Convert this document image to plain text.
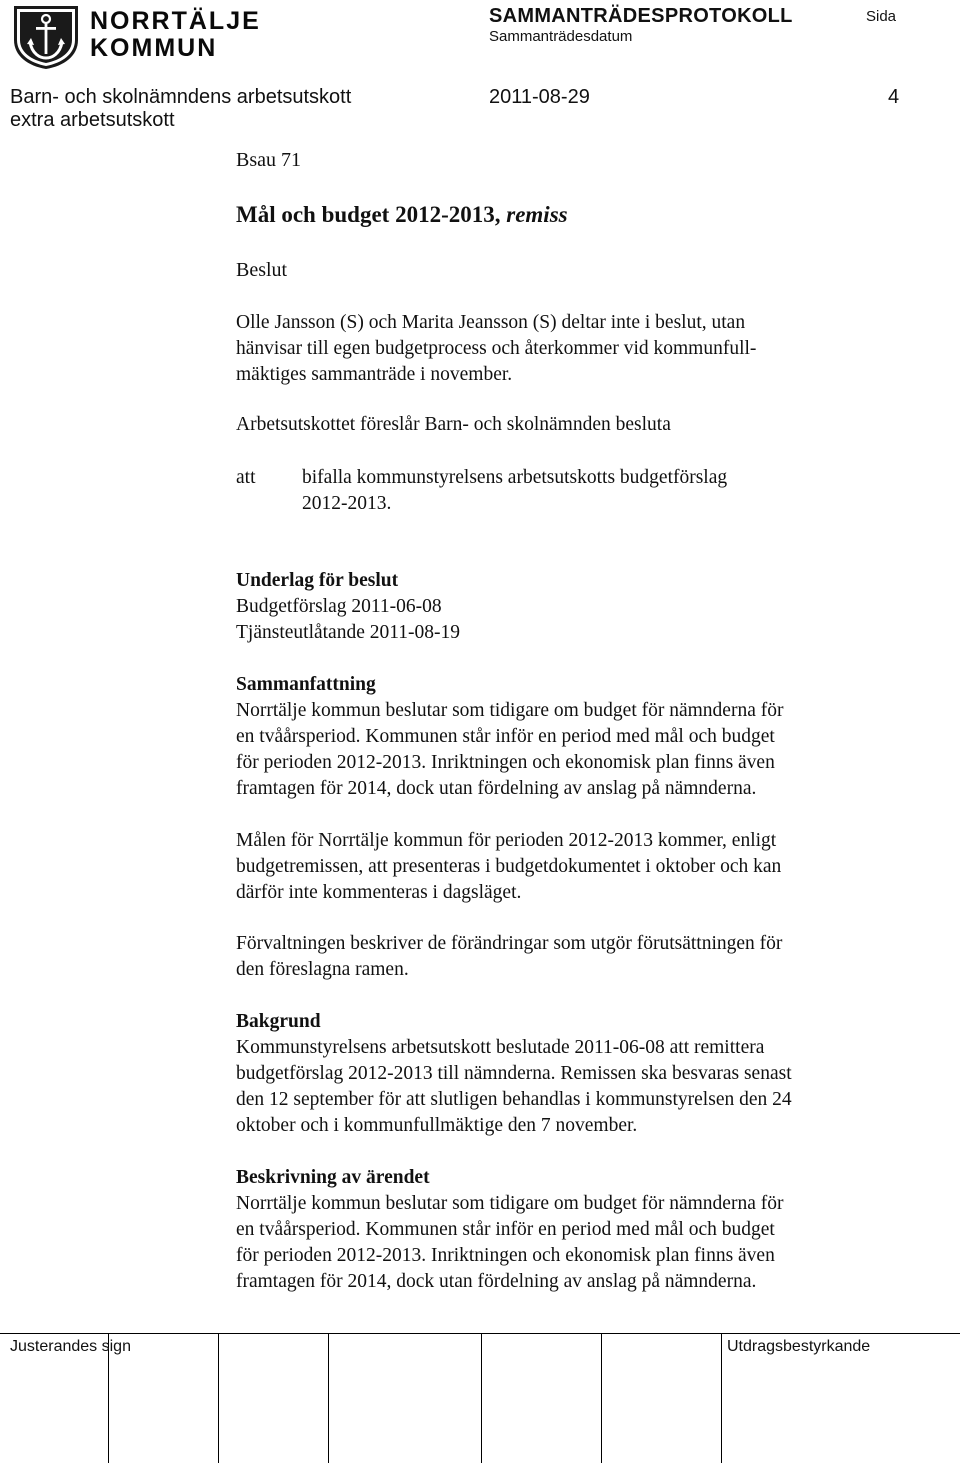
NORRTÄLJE
KOMMUN
SAMMANTRÄDESPROTOKOLL
Sammanträdesdatum
Sida
Barn- och skolnämndens arbetsutskott
extra arbetsutskott
2011-08-29	4
Bsau 71
Mål och budget 2012-2013, remiss
Beslut
Olle Jansson (S) och Marita Jeansson (S) deltar inte i beslut, utan
hänvisar till egen budgetprocess och återkommer vid kommunfull-
mäktiges sammanträde i november.
Arbetsutskottet föreslår Barn- och skolnämnden besluta
att bifalla kommunstyrelsens arbetsutskotts budgetförslag
2012-2013.
Underlag för beslut
Budgetförslag 2011-06-08
Tjänsteutlåtande 2011-08-19
Sammanfattning
Norrtälje kommun beslutar som tidigare om budget för nämnderna för
en tvåårsperiod. Kommunen står inför en period med mål och budget
för perioden 2012-2013. Inriktningen och ekonomisk plan finns även
framtagen för 2014, dock utan fördelning av anslag på nämnderna.
Målen för Norrtälje kommun för perioden 2012-2013 kommer, enligt
budgetremissen, att presenteras i budgetdokumentet i oktober och kan
därför inte kommenteras i dagsläget.
Förvaltningen beskriver de förändringar som utgör förutsättningen för
den föreslagna ramen.
Bakgrund
Kommunstyrelsens arbetsutskott beslutade 2011-06-08 att remittera
budgetförslag 2012-2013 till nämnderna. Remissen ska besvaras senast
den 12 september för att slutligen behandlas i kommunstyrelsen den 24
oktober och i kommunfullmäktige den 7 november.
Beskrivning av ärendet
Norrtälje kommun beslutar som tidigare om budget för nämnderna för
en tvåårsperiod. Kommunen står inför en period med mål och budget
för perioden 2012-2013. Inriktningen och ekonomisk plan finns även
framtagen för 2014, dock utan fördelning av anslag på nämnderna.
Justerandes sign	Utdragsbestyrkande
